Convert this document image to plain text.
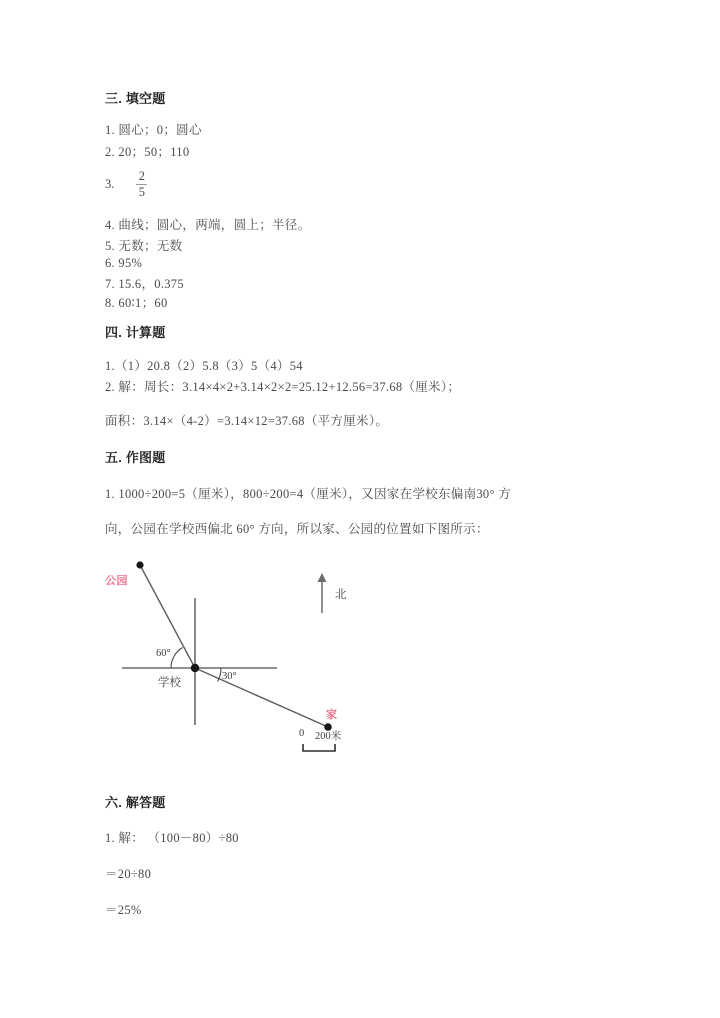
三. 填空题
1. 圆心；0；圆心
2. 20；50；110
3. $\frac{2}{5}$
4. 曲线；圆心，两端，圆上；半径。
5. 无数；无数
6. 95%
7. 15.6，0.375
8. 60∶1；60
四. 计算题
1.（1）20.8（2）5.8（3）5（4）54
2. 解：周长：3.14×4×2+3.14×2×2=25.12+12.56=37.68（厘米）；
面积：3.14×（4-2）=3.14×12=37.68（平方厘米）。
五. 作图题
1. 1000÷200=5（厘米），800÷200=4（厘米），又因家在学校东偏南30° 方
向，公园在学校西偏北 60° 方向，所以家、公园的位置如下图所示：
公园
学校
家
北
60°
30°
0 200米
六. 解答题
1. 解： （100－80）÷80
＝20÷80
＝25%
